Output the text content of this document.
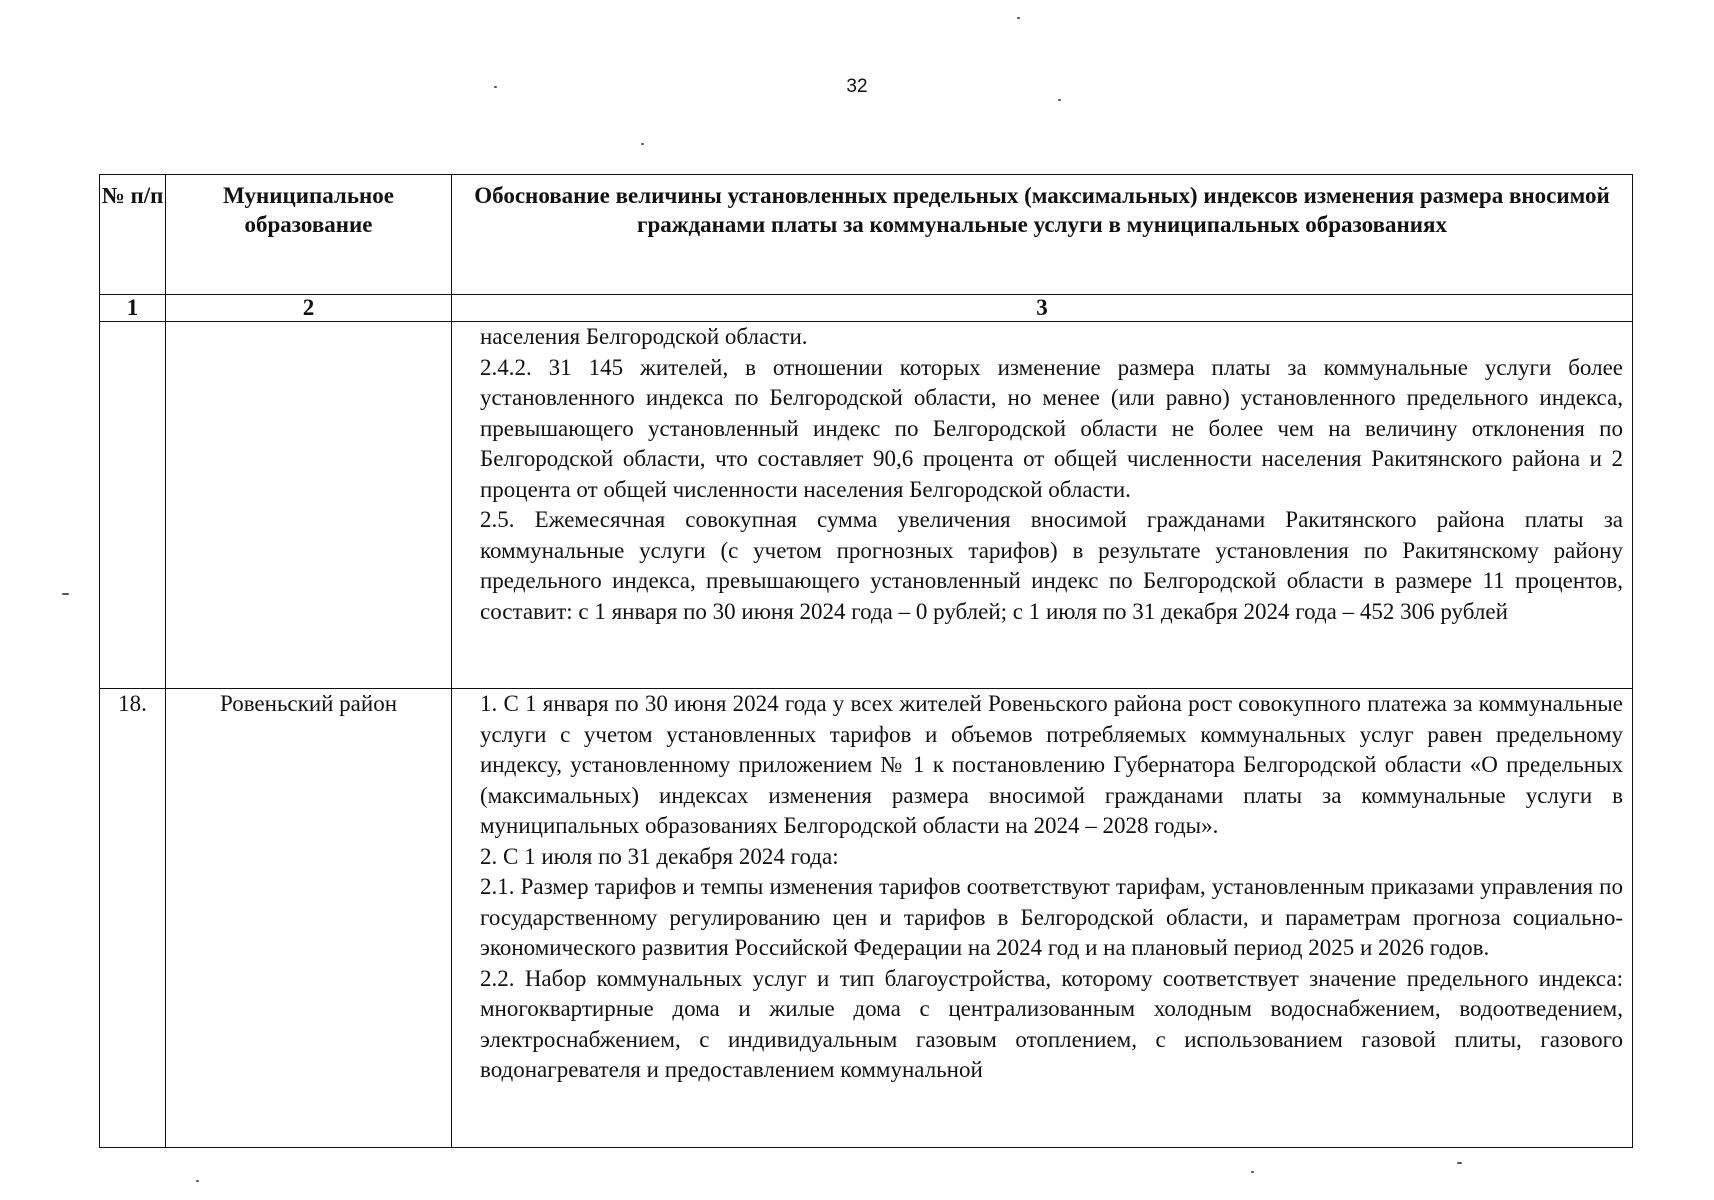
32
№ п/п	Муниципальное образование	Обоснование величины установленных предельных (максимальных) индексов изменения размера вносимой гражданами платы за коммунальные услуги в муниципальных образованиях
1	2	3

		населения Белгородской области.

2.4.2. 31 145 жителей, в отношении которых изменение размера платы за коммунальные услуги более установленного индекса по Белгородской области, но менее (или равно) установленного предельного индекса, превышающего установленный индекс по Белгородской области не более чем на величину отклонения по Белгородской области, что составляет 90,6 процента от общей численности населения Ракитянского района и 2 процента от общей численности населения Белгородской области.

2.5. Ежемесячная совокупная сумма увеличения вносимой гражданами Ракитянского района платы за коммунальные услуги (с учетом прогнозных тарифов) в результате установления по Ракитянскому району предельного индекса, превышающего установленный индекс по Белгородской области в размере 11 процентов, составит: с 1 января по 30 июня 2024 года – 0 рублей; с 1 июля по 31 декабря 2024 года – 452 306 рублей

18.	Ровеньский район	1. С 1 января по 30 июня 2024 года у всех жителей Ровеньского района рост совокупного платежа за коммунальные услуги с учетом установленных тарифов и объемов потребляемых коммунальных услуг равен предельному индексу, установленному приложением № 1 к постановлению Губернатора Белгородской области «О предельных (максимальных) индексах изменения размера вносимой гражданами платы за коммунальные услуги в муниципальных образованиях Белгородской области на 2024 – 2028 годы».

2. С 1 июля по 31 декабря 2024 года:

2.1. Размер тарифов и темпы изменения тарифов соответствуют тарифам, установленным приказами управления по государственному регулированию цен и тарифов в Белгородской области, и параметрам прогноза социально-экономического развития Российской Федерации на 2024 год и на плановый период 2025 и 2026 годов.

2.2. Набор коммунальных услуг и тип благоустройства, которому соответствует значение предельного индекса: многоквартирные дома и жилые дома с централизованным холодным водоснабжением, водоотведением, электроснабжением, с индивидуальным газовым отоплением, с использованием газовой плиты, газового водонагревателя и предоставлением коммунальной
